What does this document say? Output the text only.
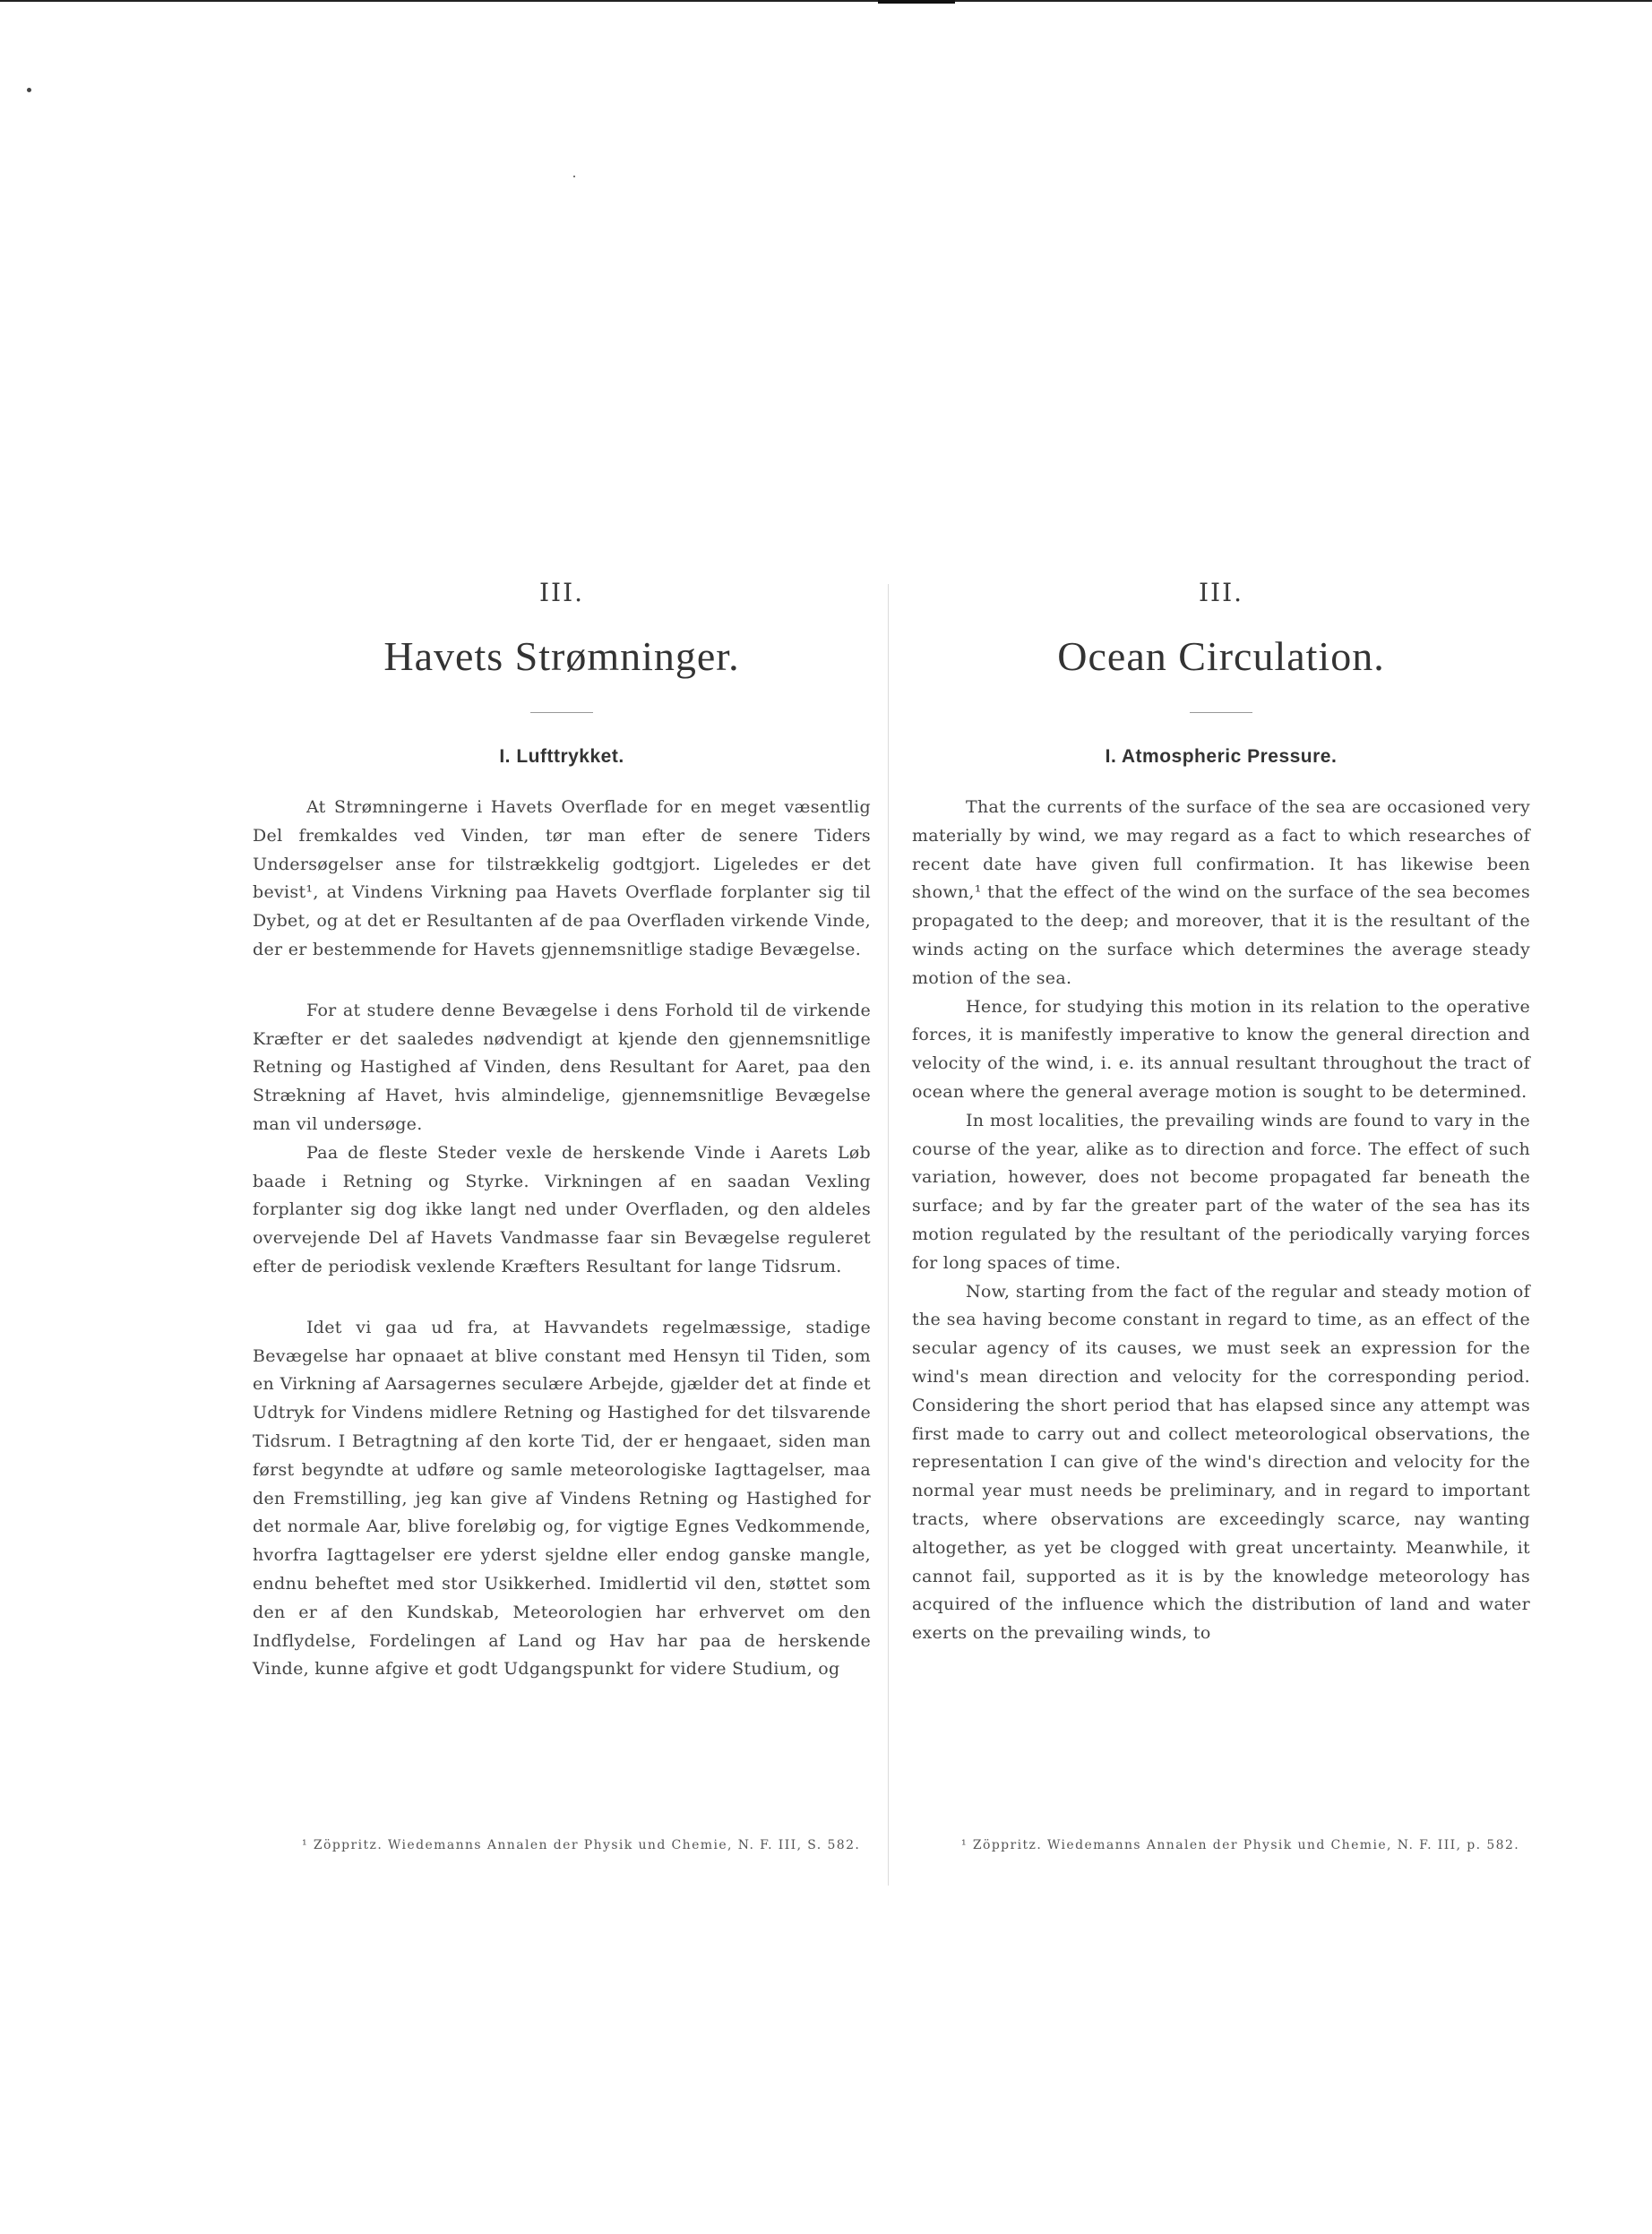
III.
Havets Strømninger.
I. Lufttrykket.

At Strømningerne i Havets Overflade for en meget væsentlig Del fremkaldes ved Vinden, tør man efter de senere Tiders Undersøgelser anse for tilstrækkelig godtgjort. Ligeledes er det bevist¹, at Vindens Virkning paa Havets Overflade forplanter sig til Dybet, og at det er Resultanten af de paa Overfladen virkende Vinde, der er bestemmende for Havets gjennemsnitlige stadige Bevægelse.

For at studere denne Bevægelse i dens Forhold til de virkende Kræfter er det saaledes nødvendigt at kjende den gjennemsnitlige Retning og Hastighed af Vinden, dens Resultant for Aaret, paa den Strækning af Havet, hvis almindelige, gjennemsnitlige Bevægelse man vil undersøge.

Paa de fleste Steder vexle de herskende Vinde i Aarets Løb baade i Retning og Styrke. Virkningen af en saadan Vexling forplanter sig dog ikke langt ned under Overfladen, og den aldeles overvejende Del af Havets Vandmasse faar sin Bevægelse reguleret efter de periodisk vexlende Kræfters Resultant for lange Tidsrum.

Idet vi gaa ud fra, at Havvandets regelmæssige, stadige Bevægelse har opnaaet at blive constant med Hensyn til Tiden, som en Virkning af Aarsagernes seculære Arbejde, gjælder det at finde et Udtryk for Vindens midlere Retning og Hastighed for det tilsvarende Tidsrum. I Betragtning af den korte Tid, der er hengaaet, siden man først begyndte at udføre og samle meteorologiske Iagttagelser, maa den Fremstilling, jeg kan give af Vindens Retning og Hastighed for det normale Aar, blive foreløbig og, for vigtige Egnes Vedkommende, hvorfra Iagttagelser ere yderst sjeldne eller endog ganske mangle, endnu beheftet med stor Usikkerhed. Imidlertid vil den, støttet som den er af den Kundskab, Meteorologien har erhvervet om den Indflydelse, Fordelingen af Land og Hav har paa de herskende Vinde, kunne afgive et godt Udgangspunkt for videre Studium, og

¹ Zöppritz. Wiedemanns Annalen der Physik und Chemie, N. F. III, S. 582.

III.
Ocean Circulation.
I. Atmospheric Pressure.

That the currents of the surface of the sea are occasioned very materially by wind, we may regard as a fact to which researches of recent date have given full confirmation. It has likewise been shown,¹ that the effect of the wind on the surface of the sea becomes propagated to the deep; and moreover, that it is the resultant of the winds acting on the surface which determines the average steady motion of the sea.

Hence, for studying this motion in its relation to the operative forces, it is manifestly imperative to know the general direction and velocity of the wind, i. e. its annual resultant throughout the tract of ocean where the general average motion is sought to be determined.

In most localities, the prevailing winds are found to vary in the course of the year, alike as to direction and force. The effect of such variation, however, does not become propagated far beneath the surface; and by far the greater part of the water of the sea has its motion regulated by the resultant of the periodically varying forces for long spaces of time.

Now, starting from the fact of the regular and steady motion of the sea having become constant in regard to time, as an effect of the secular agency of its causes, we must seek an expression for the wind's mean direction and velocity for the corresponding period. Considering the short period that has elapsed since any attempt was first made to carry out and collect meteorological observations, the representation I can give of the wind's direction and velocity for the normal year must needs be preliminary, and in regard to important tracts, where observations are exceedingly scarce, nay wanting altogether, as yet be clogged with great uncertainty. Meanwhile, it cannot fail, supported as it is by the knowledge meteorology has acquired of the influence which the distribution of land and water exerts on the prevailing winds, to

¹ Zöppritz. Wiedemanns Annalen der Physik und Chemie, N. F. III, p. 582.
